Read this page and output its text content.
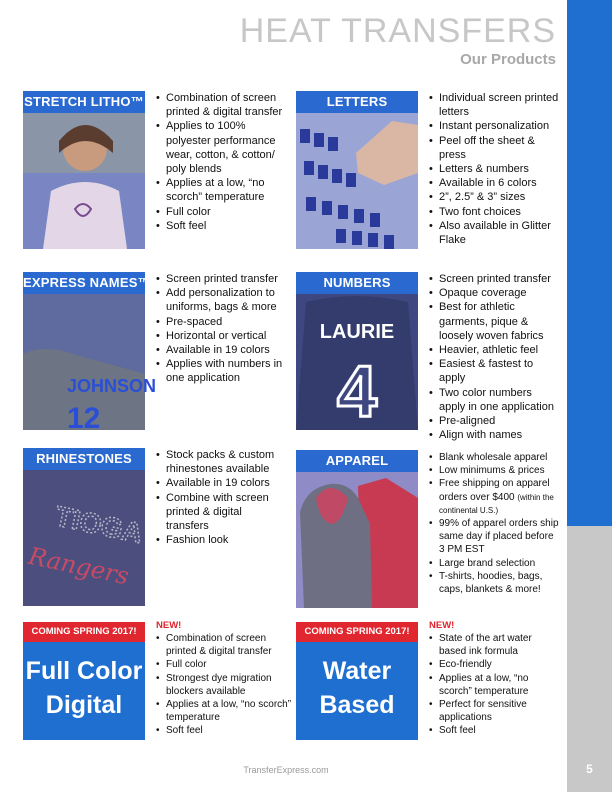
5
HEAT TRANSFERS
Our Products
STRETCH LITHO™	• Combination of screen printed & digital transfer
• Applies to 100% polyester performance wear, cotton, & cotton/ poly blends
• Applies at a low, “no scorch” temperature
• Full color
• Soft feel
LETTERS	• Individual screen printed letters
• Instant personalization
• Peel off the sheet & press
• Letters & numbers
• Available in 6 colors
• 2”, 2.5” & 3” sizes
• Two font choices
• Also available in Glitter Flake
EXPRESS NAMES™
JOHNSON
12
• Screen printed transfer
• Add personalization to uniforms, bags & more
• Pre-spaced
• Horizontal or vertical
• Available in 19 colors
• Applies with numbers in one application
NUMBERS
LAURIE
4
• Screen printed transfer
• Opaque coverage
• Best for athletic garments, pique & loosely woven fabrics
• Heavier, athletic feel
• Easiest & fastest to apply
• Two color numbers apply in one application
• Pre-aligned
• Align with names
RHINESTONES
TIOGA
Rangers
• Stock packs & custom rhinestones available
• Available in 19 colors
• Combine with screen printed & digital transfers
• Fashion look
APPAREL	• Blank wholesale apparel
• Low minimums & prices
• Free shipping on apparel orders over $400 (within the continental U.S.)
• 99% of apparel orders ship same day if placed before 3 PM EST
• Large brand selection
• T-shirts, hoodies, bags, caps, blankets & more!
COMING SPRING 2017!
Full Color
Digital
NEW!
• Combination of screen printed & digital transfer
• Full color
• Strongest dye migration blockers available
• Applies at a low, “no scorch” temperature
• Soft feel
COMING SPRING 2017!
Water
Based
NEW!
• State of the art water based ink formula
• Eco-friendly
• Applies at a low, “no scorch” temperature
• Perfect for sensitive applications
• Soft feel
TransferExpress.com
